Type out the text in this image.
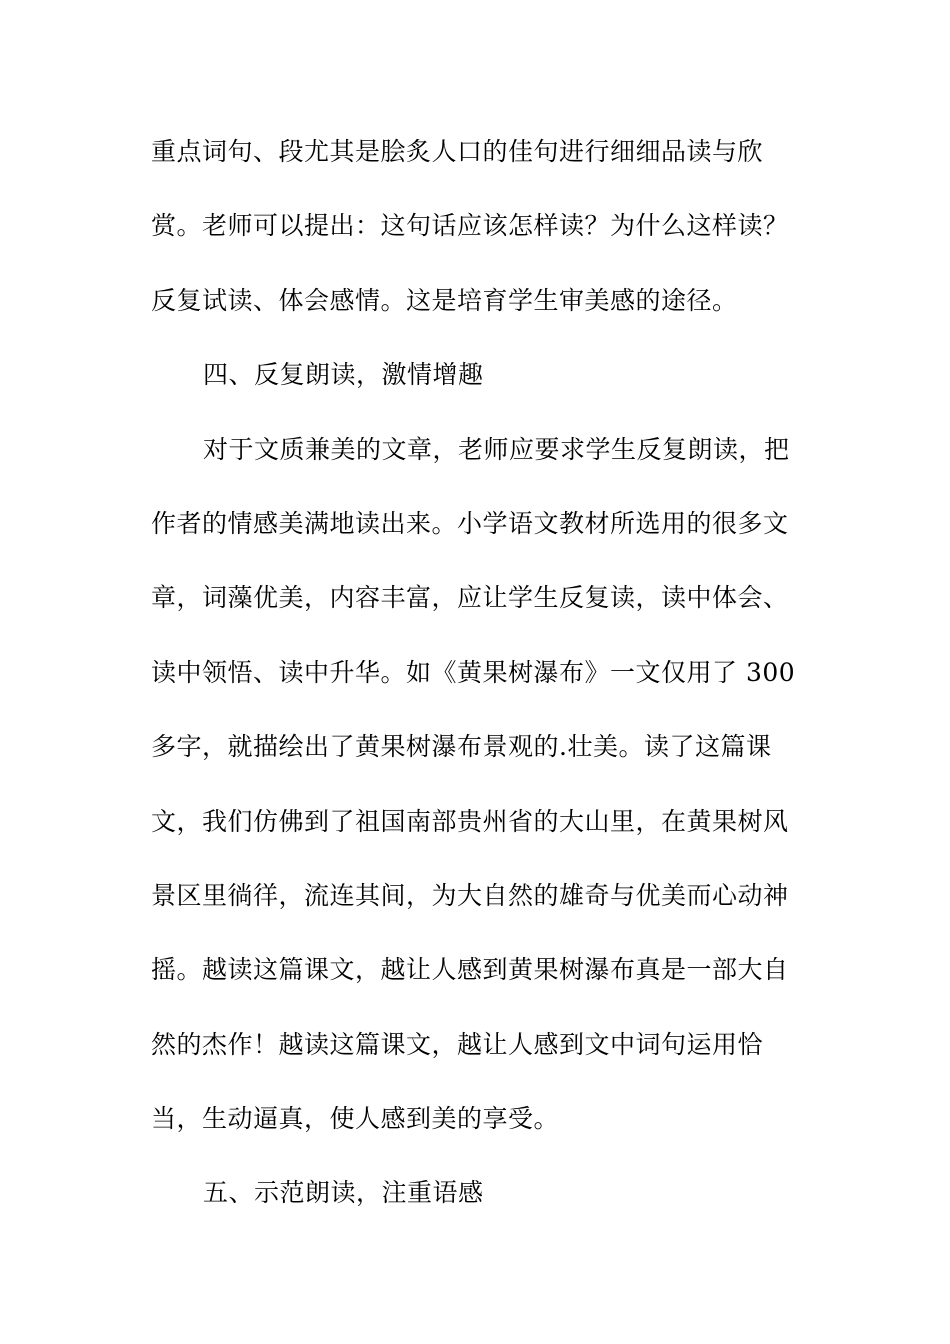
重点词句、段尤其是脍炙人口的佳句进行细细品读与欣
赏。老师可以提出：这句话应该怎样读？为什么这样读？
反复试读、体会感情。这是培育学生审美感的途径。
四、反复朗读，激情增趣
对于文质兼美的文章，老师应要求学生反复朗读，把
作者的情感美满地读出来。小学语文教材所选用的很多文
章，词藻优美，内容丰富，应让学生反复读，读中体会、
读中领悟、读中升华。如《黄果树瀑布》一文仅用了 300
多字，就描绘出了黄果树瀑布景观的.壮美。读了这篇课
文，我们仿佛到了祖国南部贵州省的大山里，在黄果树风
景区里徜徉，流连其间，为大自然的雄奇与优美而心动神
摇。越读这篇课文，越让人感到黄果树瀑布真是一部大自
然的杰作！越读这篇课文，越让人感到文中词句运用恰
当，生动逼真，使人感到美的享受。
五、示范朗读，注重语感
